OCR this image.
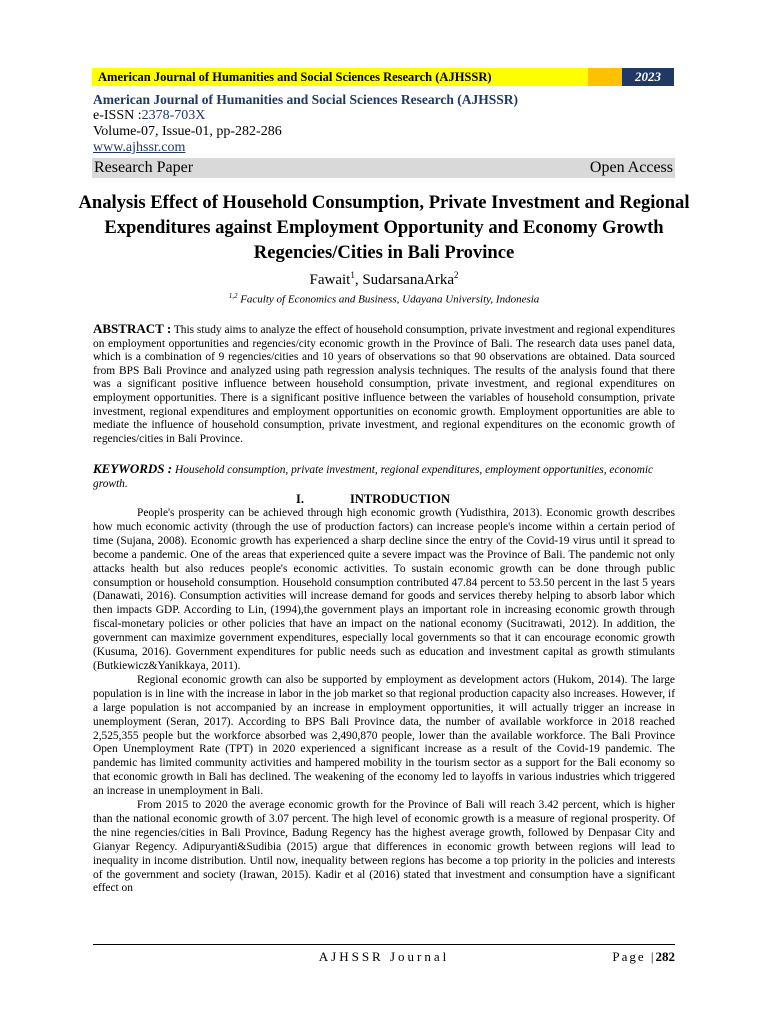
American Journal of Humanities and Social Sciences Research (AJHSSR)	2023
American Journal of Humanities and Social Sciences Research (AJHSSR)
e-ISSN :2378-703X
Volume-07, Issue-01, pp-282-286
www.ajhssr.com
Research Paper	Open Access
Analysis Effect of Household Consumption, Private Investment and Regional Expenditures against Employment Opportunity and Economy Growth Regencies/Cities in Bali Province
Fawait$^1$, SudarsanaArka$^2$
$^{1,2}$ Faculty of Economics and Business, Udayana University, Indonesia
ABSTRACT : This study aims to analyze the effect of household consumption, private investment and regional expenditures on employment opportunities and regencies/city economic growth in the Province of Bali. The research data uses panel data, which is a combination of 9 regencies/cities and 10 years of observations so that 90 observations are obtained. Data sourced from BPS Bali Province and analyzed using path regression analysis techniques. The results of the analysis found that there was a significant positive influence between household consumption, private investment, and regional expenditures on employment opportunities. There is a significant positive influence between the variables of household consumption, private investment, regional expenditures and employment opportunities on economic growth. Employment opportunities are able to mediate the influence of household consumption, private investment, and regional expenditures on the economic growth of regencies/cities in Bali Province.
KEYWORDS : Household consumption, private investment, regional expenditures, employment opportunities, economic growth.
I.	INTRODUCTION

People's prosperity can be achieved through high economic growth (Yudisthira, 2013). Economic growth describes how much economic activity (through the use of production factors) can increase people's income within a certain period of time (Sujana, 2008). Economic growth has experienced a sharp decline since the entry of the Covid-19 virus until it spread to become a pandemic. One of the areas that experienced quite a severe impact was the Province of Bali. The pandemic not only attacks health but also reduces people's economic activities. To sustain economic growth can be done through public consumption or household consumption. Household consumption contributed 47.84 percent to 53.50 percent in the last 5 years (Danawati, 2016). Consumption activities will increase demand for goods and services thereby helping to absorb labor which then impacts GDP. According to Lin, (1994),the government plays an important role in increasing economic growth through fiscal-monetary policies or other policies that have an impact on the national economy (Sucitrawati, 2012). In addition, the government can maximize government expenditures, especially local governments so that it can encourage economic growth (Kusuma, 2016). Government expenditures for public needs such as education and investment capital as growth stimulants (Butkiewicz&Yanikkaya, 2011).

Regional economic growth can also be supported by employment as development actors (Hukom, 2014). The large population is in line with the increase in labor in the job market so that regional production capacity also increases. However, if a large population is not accompanied by an increase in employment opportunities, it will actually trigger an increase in unemployment (Seran, 2017). According to BPS Bali Province data, the number of available workforce in 2018 reached 2,525,355 people but the workforce absorbed was 2,490,870 people, lower than the available workforce. The Bali Province Open Unemployment Rate (TPT) in 2020 experienced a significant increase as a result of the Covid-19 pandemic. The pandemic has limited community activities and hampered mobility in the tourism sector as a support for the Bali economy so that economic growth in Bali has declined. The weakening of the economy led to layoffs in various industries which triggered an increase in unemployment in Bali.

From 2015 to 2020 the average economic growth for the Province of Bali will reach 3.42 percent, which is higher than the national economic growth of 3.07 percent. The high level of economic growth is a measure of regional prosperity. Of the nine regencies/cities in Bali Province, Badung Regency has the highest average growth, followed by Denpasar City and Gianyar Regency. Adipuryanti&Sudibia (2015) argue that differences in economic growth between regions will lead to inequality in income distribution. Until now, inequality between regions has become a top priority in the policies and interests of the government and society (Irawan, 2015). Kadir et al (2016) stated that investment and consumption have a significant effect on

AJHSSR Journal	Page |282
